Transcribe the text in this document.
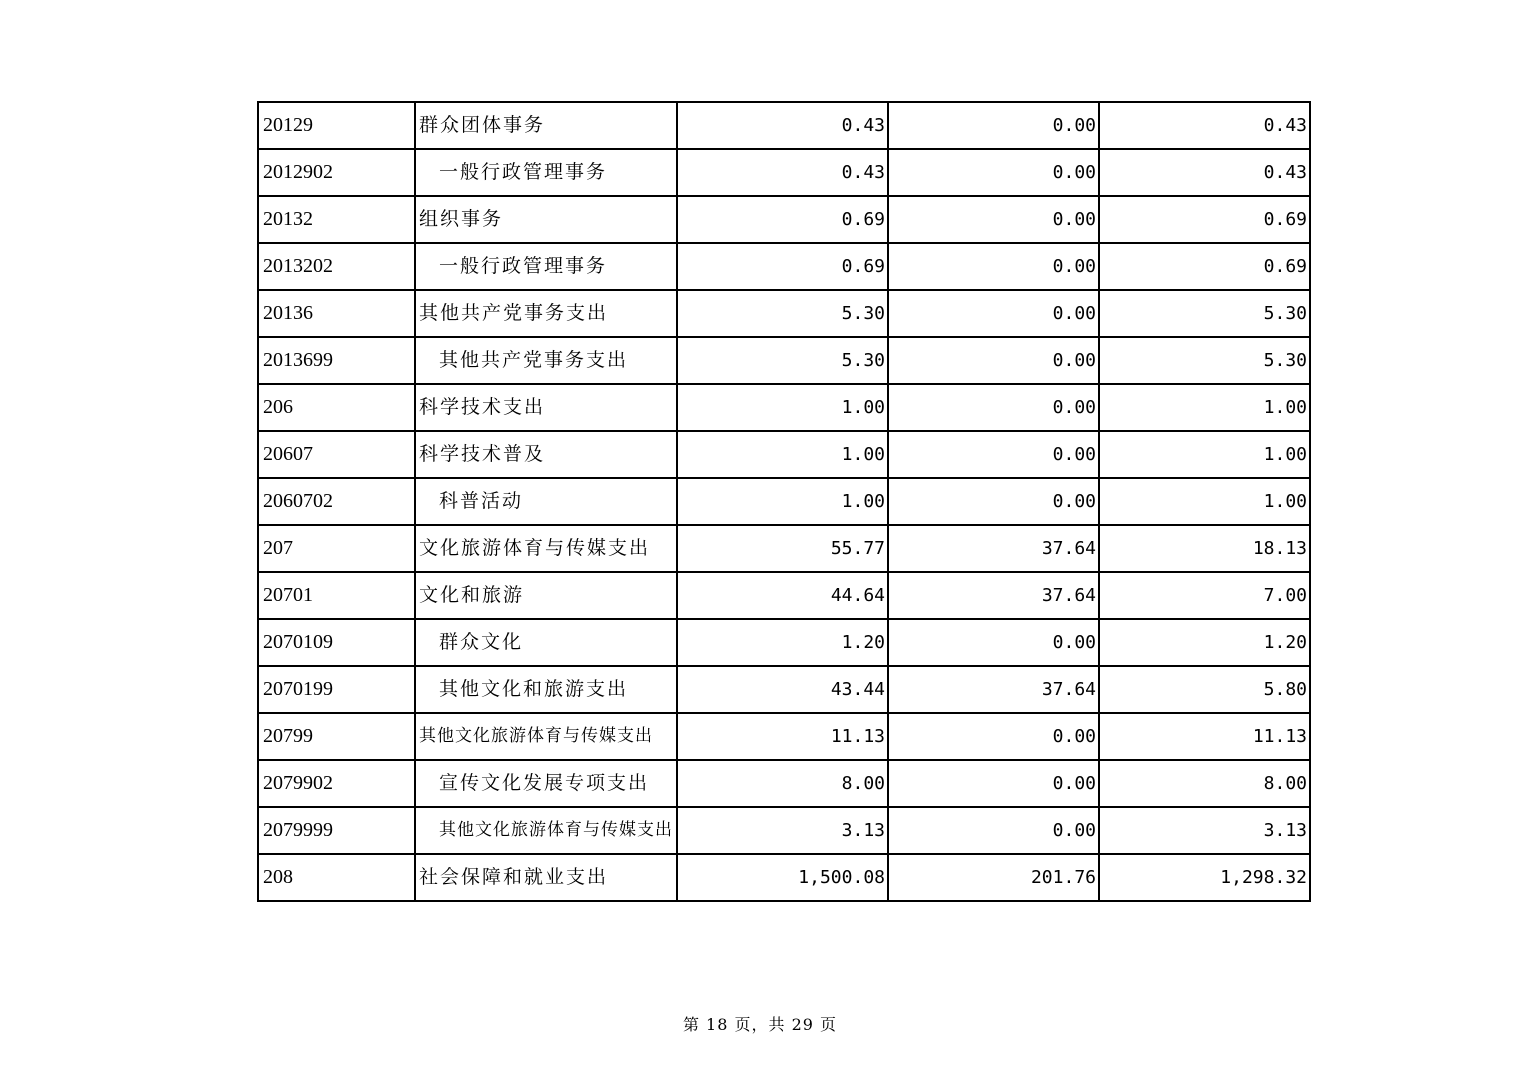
20129	群众团体事务	0.43	0.00	0.43
2012902	一般行政管理事务	0.43	0.00	0.43
20132	组织事务	0.69	0.00	0.69
2013202	一般行政管理事务	0.69	0.00	0.69
20136	其他共产党事务支出	5.30	0.00	5.30
2013699	其他共产党事务支出	5.30	0.00	5.30
206	科学技术支出	1.00	0.00	1.00
20607	科学技术普及	1.00	0.00	1.00
2060702	科普活动	1.00	0.00	1.00
207	文化旅游体育与传媒支出	55.77	37.64	18.13
20701	文化和旅游	44.64	37.64	7.00
2070109	群众文化	1.20	0.00	1.20
2070199	其他文化和旅游支出	43.44	37.64	5.80
20799	其他文化旅游体育与传媒支出	11.13	0.00	11.13
2079902	宣传文化发展专项支出	8.00	0.00	8.00
2079999	其他文化旅游体育与传媒支出	3.13	0.00	3.13
208	社会保障和就业支出	1,500.08	201.76	1,298.32
第 18 页，共 29 页
